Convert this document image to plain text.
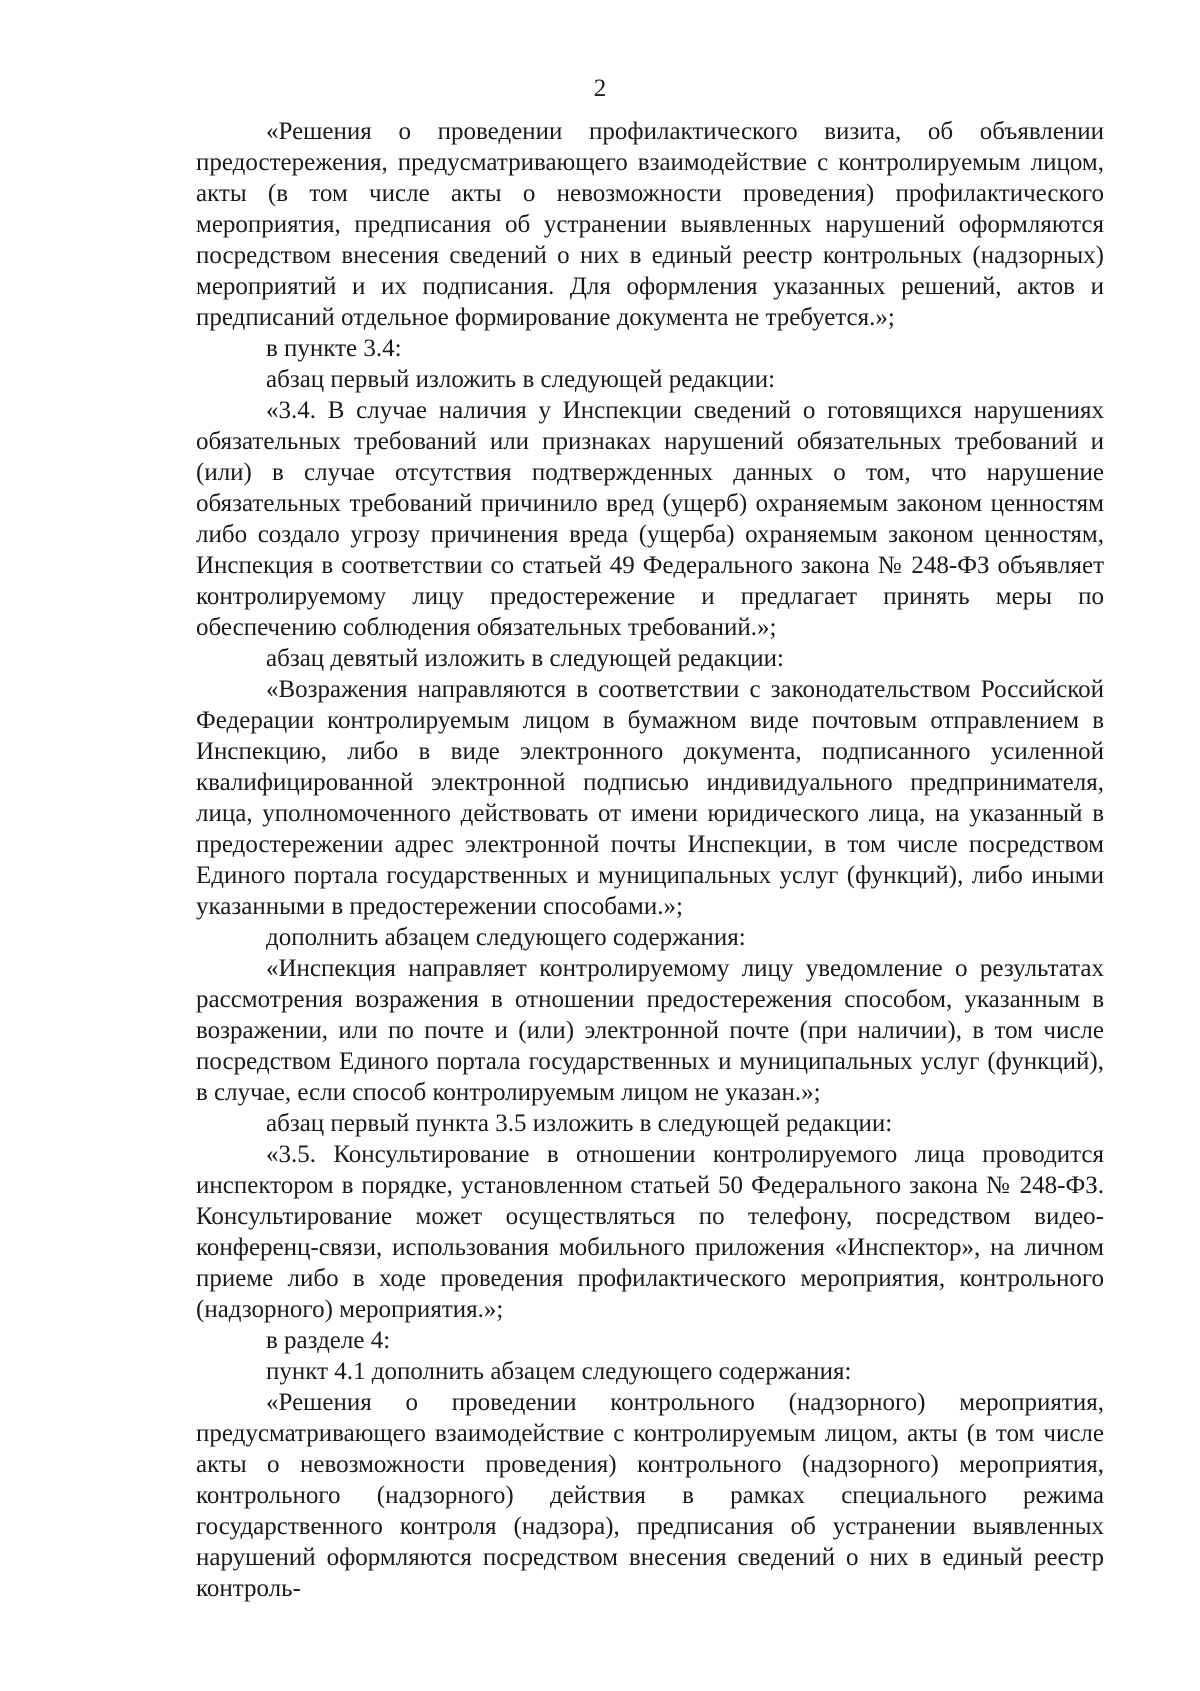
2

«Решения о проведении профилактического визита, об объявлении предостережения, предусматривающего взаимодействие с контролируемым лицом, акты (в том числе акты о невозможности проведения) профилактического мероприятия, предписания об устранении выявленных нарушений оформляются посредством внесения сведений о них в единый реестр контрольных (надзорных) мероприятий и их подписания. Для оформления указанных решений, актов и предписаний отдельное формирование документа не требуется.»;

в пункте 3.4:

абзац первый изложить в следующей редакции:

«3.4. В случае наличия у Инспекции сведений о готовящихся нарушениях обязательных требований или признаках нарушений обязательных требований и (или) в случае отсутствия подтвержденных данных о том, что нарушение обязательных требований причинило вред (ущерб) охраняемым законом ценностям либо создало угрозу причинения вреда (ущерба) охраняемым законом ценностям, Инспекция в соответствии со статьей 49 Федерального закона № 248-ФЗ объявляет контролируемому лицу предостережение и предлагает принять меры по обеспечению соблюдения обязательных требований.»;

абзац девятый изложить в следующей редакции:

«Возражения направляются в соответствии с законодательством Российской Федерации контролируемым лицом в бумажном виде почтовым отправлением в Инспекцию, либо в виде электронного документа, подписанного усиленной квалифицированной электронной подписью индивидуального предпринимателя, лица, уполномоченного действовать от имени юридического лица, на указанный в предостережении адрес электронной почты Инспекции, в том числе посредством Единого портала государственных и муниципальных услуг (функций), либо иными указанными в предостережении способами.»;

дополнить абзацем следующего содержания:

«Инспекция направляет контролируемому лицу уведомление о результатах рассмотрения возражения в отношении предостережения способом, указанным в возражении, или по почте и (или) электронной почте (при наличии), в том числе посредством Единого портала государственных и муниципальных услуг (функций), в случае, если способ контролируемым лицом не указан.»;

абзац первый пункта 3.5 изложить в следующей редакции:

«3.5. Консультирование в отношении контролируемого лица проводится инспектором в порядке, установленном статьей 50 Федерального закона № 248-ФЗ. Консультирование может осуществляться по телефону, посредством видео-конференц-связи, использования мобильного приложения «Инспектор», на личном приеме либо в ходе проведения профилактического мероприятия, контрольного (надзорного) мероприятия.»;

в разделе 4:

пункт 4.1 дополнить абзацем следующего содержания:

«Решения о проведении контрольного (надзорного) мероприятия, предусматривающего взаимодействие с контролируемым лицом, акты (в том числе акты о невозможности проведения) контрольного (надзорного) мероприятия, контрольного (надзорного) действия в рамках специального режима государственного контроля (надзора), предписания об устранении выявленных нарушений оформляются посредством внесения сведений о них в единый реестр контроль-
